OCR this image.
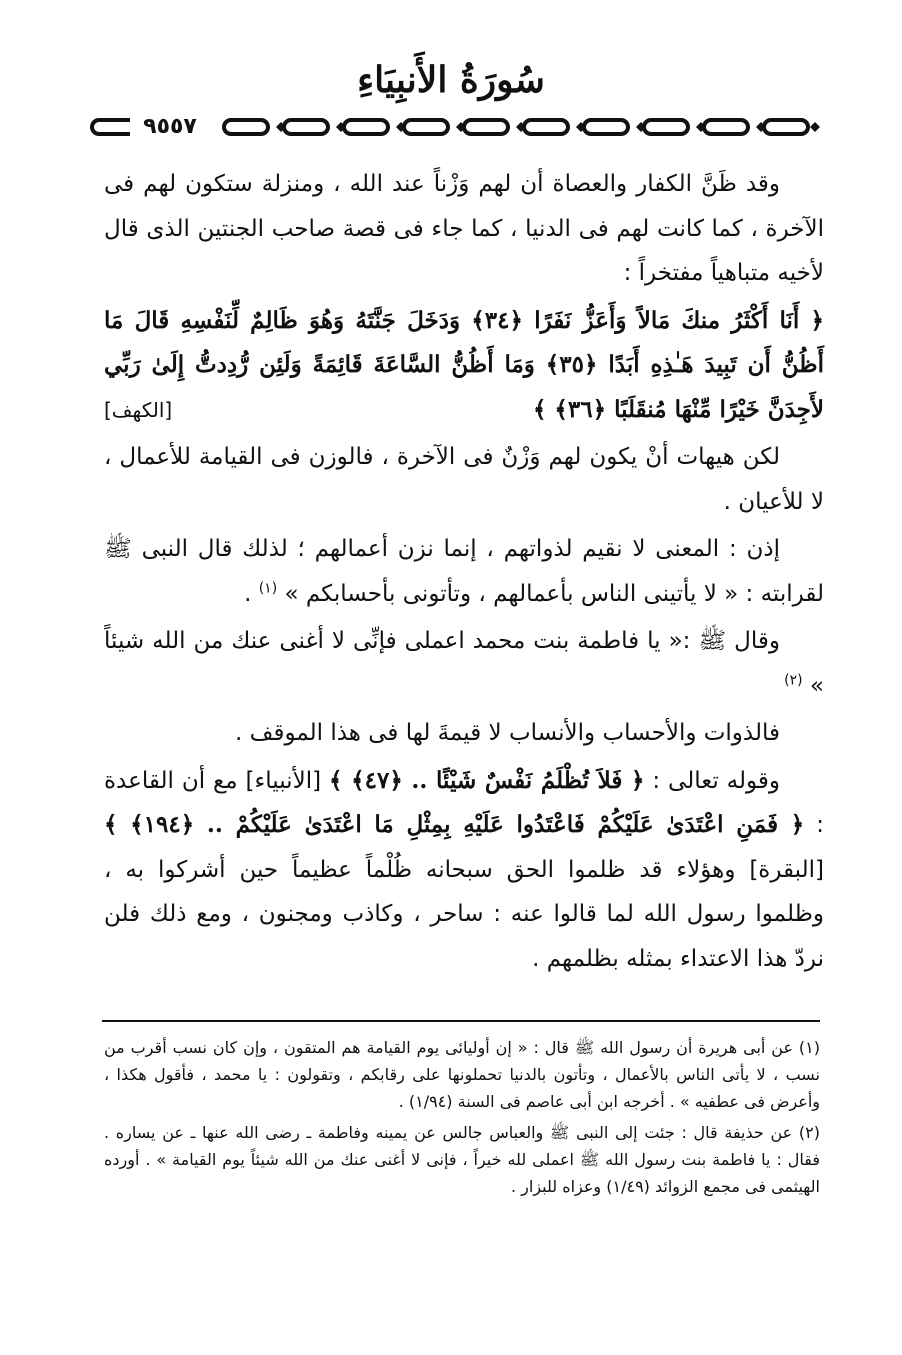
سُورَةُ الأَنبِيَاءِ
٩٥٥٧

وقد ظَنَّ الكفار والعصاة أن لهم وَزْناً عند الله ، ومنزلة ستكون لهم فى الآخرة ، كما كانت لهم فى الدنيا ، كما جاء فى قصة صاحب الجنتين الذى قال لأخيه متباهياً مفتخراً :

﴿ أَنَا أَكْثَرُ منكَ مَالاً وَأَعَزُّ نَفَرًا ﴿٣٤﴾ وَدَخَلَ جَنَّتَهُ وَهُوَ ظَالِمٌ لِّنَفْسِهِ قَالَ مَا أَظُنُّ أَن تَبِيدَ هَـٰذِهِ أَبَدًا ﴿٣٥﴾ وَمَا أَظُنُّ السَّاعَةَ قَائِمَةً وَلَئِن رُّدِدتُّ إِلَىٰ رَبِّي لأَجِدَنَّ خَيْرًا مِّنْهَا مُنقَلَبًا ﴿٣٦﴾ ﴾
[الكهف]

لكن هيهات أنْ يكون لهم وَزْنٌ فى الآخرة ، فالوزن فى القيامة للأعمال ، لا للأعيان .

إذن : المعنى لا نقيم لذواتهم ، إنما نزن أعمالهم ؛ لذلك قال النبى ﷺ لقرابته : « لا يأتينى الناس بأعمالهم ، وتأتونى بأحسابكم » $^{(١)}$ .

وقال ﷺ :« يا فاطمة بنت محمد اعملى فإنِّى لا أغنى عنك من الله شيئاً » $^{(٢)}$

فالذوات والأحساب والأنساب لا قيمةَ لها فى هذا الموقف .

وقوله تعالى : ﴿ فَلاَ تُظْلَمُ نَفْسٌ شَيْئًا .. ﴿٤٧﴾ ﴾ [الأنبياء] مع أن القاعدة : ﴿ فَمَنِ اعْتَدَىٰ عَلَيْكُمْ فَاعْتَدُوا عَلَيْهِ بِمِثْلِ مَا اعْتَدَىٰ عَلَيْكُمْ .. ﴿١٩٤﴾ ﴾ [البقرة] وهؤلاء قد ظلموا الحق سبحانه ظُلْماً عظيماً حين أشركوا به ، وظلموا رسول الله لما قالوا عنه : ساحر ، وكاذب ومجنون ، ومع ذلك فلن نردّ هذا الاعتداء بمثله بظلمهم .

(١) عن أبى هريرة أن رسول الله ﷺ قال : « إن أوليائى يوم القيامة هم المتقون ، وإن كان نسب أقرب من نسب ، لا يأتى الناس بالأعمال ، وتأتون بالدنيا تحملونها على رقابكم ، وتقولون : يا محمد ، فأقول هكذا ، وأعرض فى عطفيه » . أخرجه ابن أبى عاصم فى السنة (١/٩٤) .

(٢) عن حذيفة قال : جئت إلى النبى ﷺ والعباس جالس عن يمينه وفاطمة ـ رضى الله عنها ـ عن يساره . فقال : يا فاطمة بنت رسول الله ﷺ اعملى لله خيراً ، فإنى لا أغنى عنك من الله شيئاً يوم القيامة » . أورده الهيثمى فى مجمع الزوائد (١/٤٩) وعزاه للبزار .
